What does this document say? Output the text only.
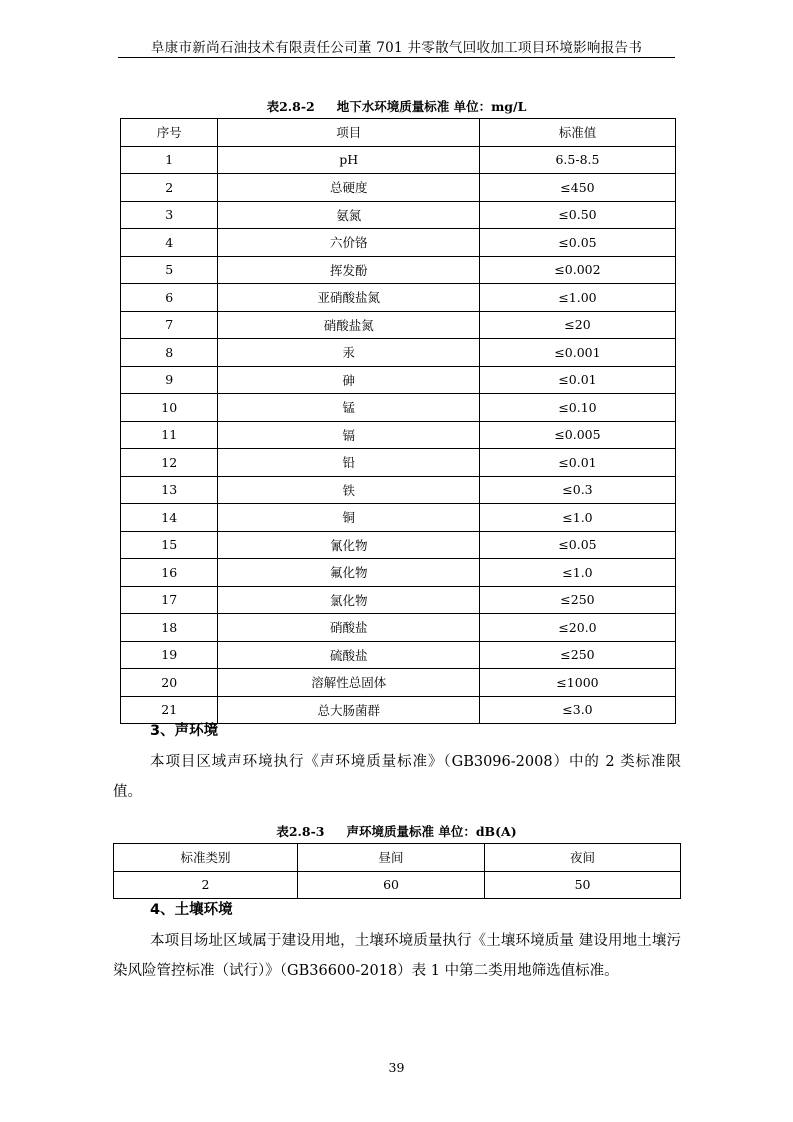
阜康市新尚石油技术有限责任公司董 701 井零散气回收加工项目环境影响报告书
表2.8-2 地下水环境质量标准 单位：mg/L
序号	项目	标准值
1	pH	6.5-8.5
2	总硬度	≤450
3	氨氮	≤0.50
4	六价铬	≤0.05
5	挥发酚	≤0.002
6	亚硝酸盐氮	≤1.00
7	硝酸盐氮	≤20
8	汞	≤0.001
9	砷	≤0.01
10	锰	≤0.10
11	镉	≤0.005
12	铅	≤0.01
13	铁	≤0.3
14	铜	≤1.0
15	氰化物	≤0.05
16	氟化物	≤1.0
17	氯化物	≤250
18	硝酸盐	≤20.0
19	硫酸盐	≤250
20	溶解性总固体	≤1000
21	总大肠菌群	≤3.0
3、声环境
本项目区域声环境执行《声环境质量标准》（GB3096-2008）中的 2 类标准限值。
表2.8-3 声环境质量标准 单位：dB(A)
标准类别	昼间	夜间
2	60	50
4、土壤环境
本项目场址区域属于建设用地，土壤环境质量执行《土壤环境质量 建设用地土壤污染风险管控标准（试行）》（GB36600-2018）表 1 中第二类用地筛选值标准。
39
